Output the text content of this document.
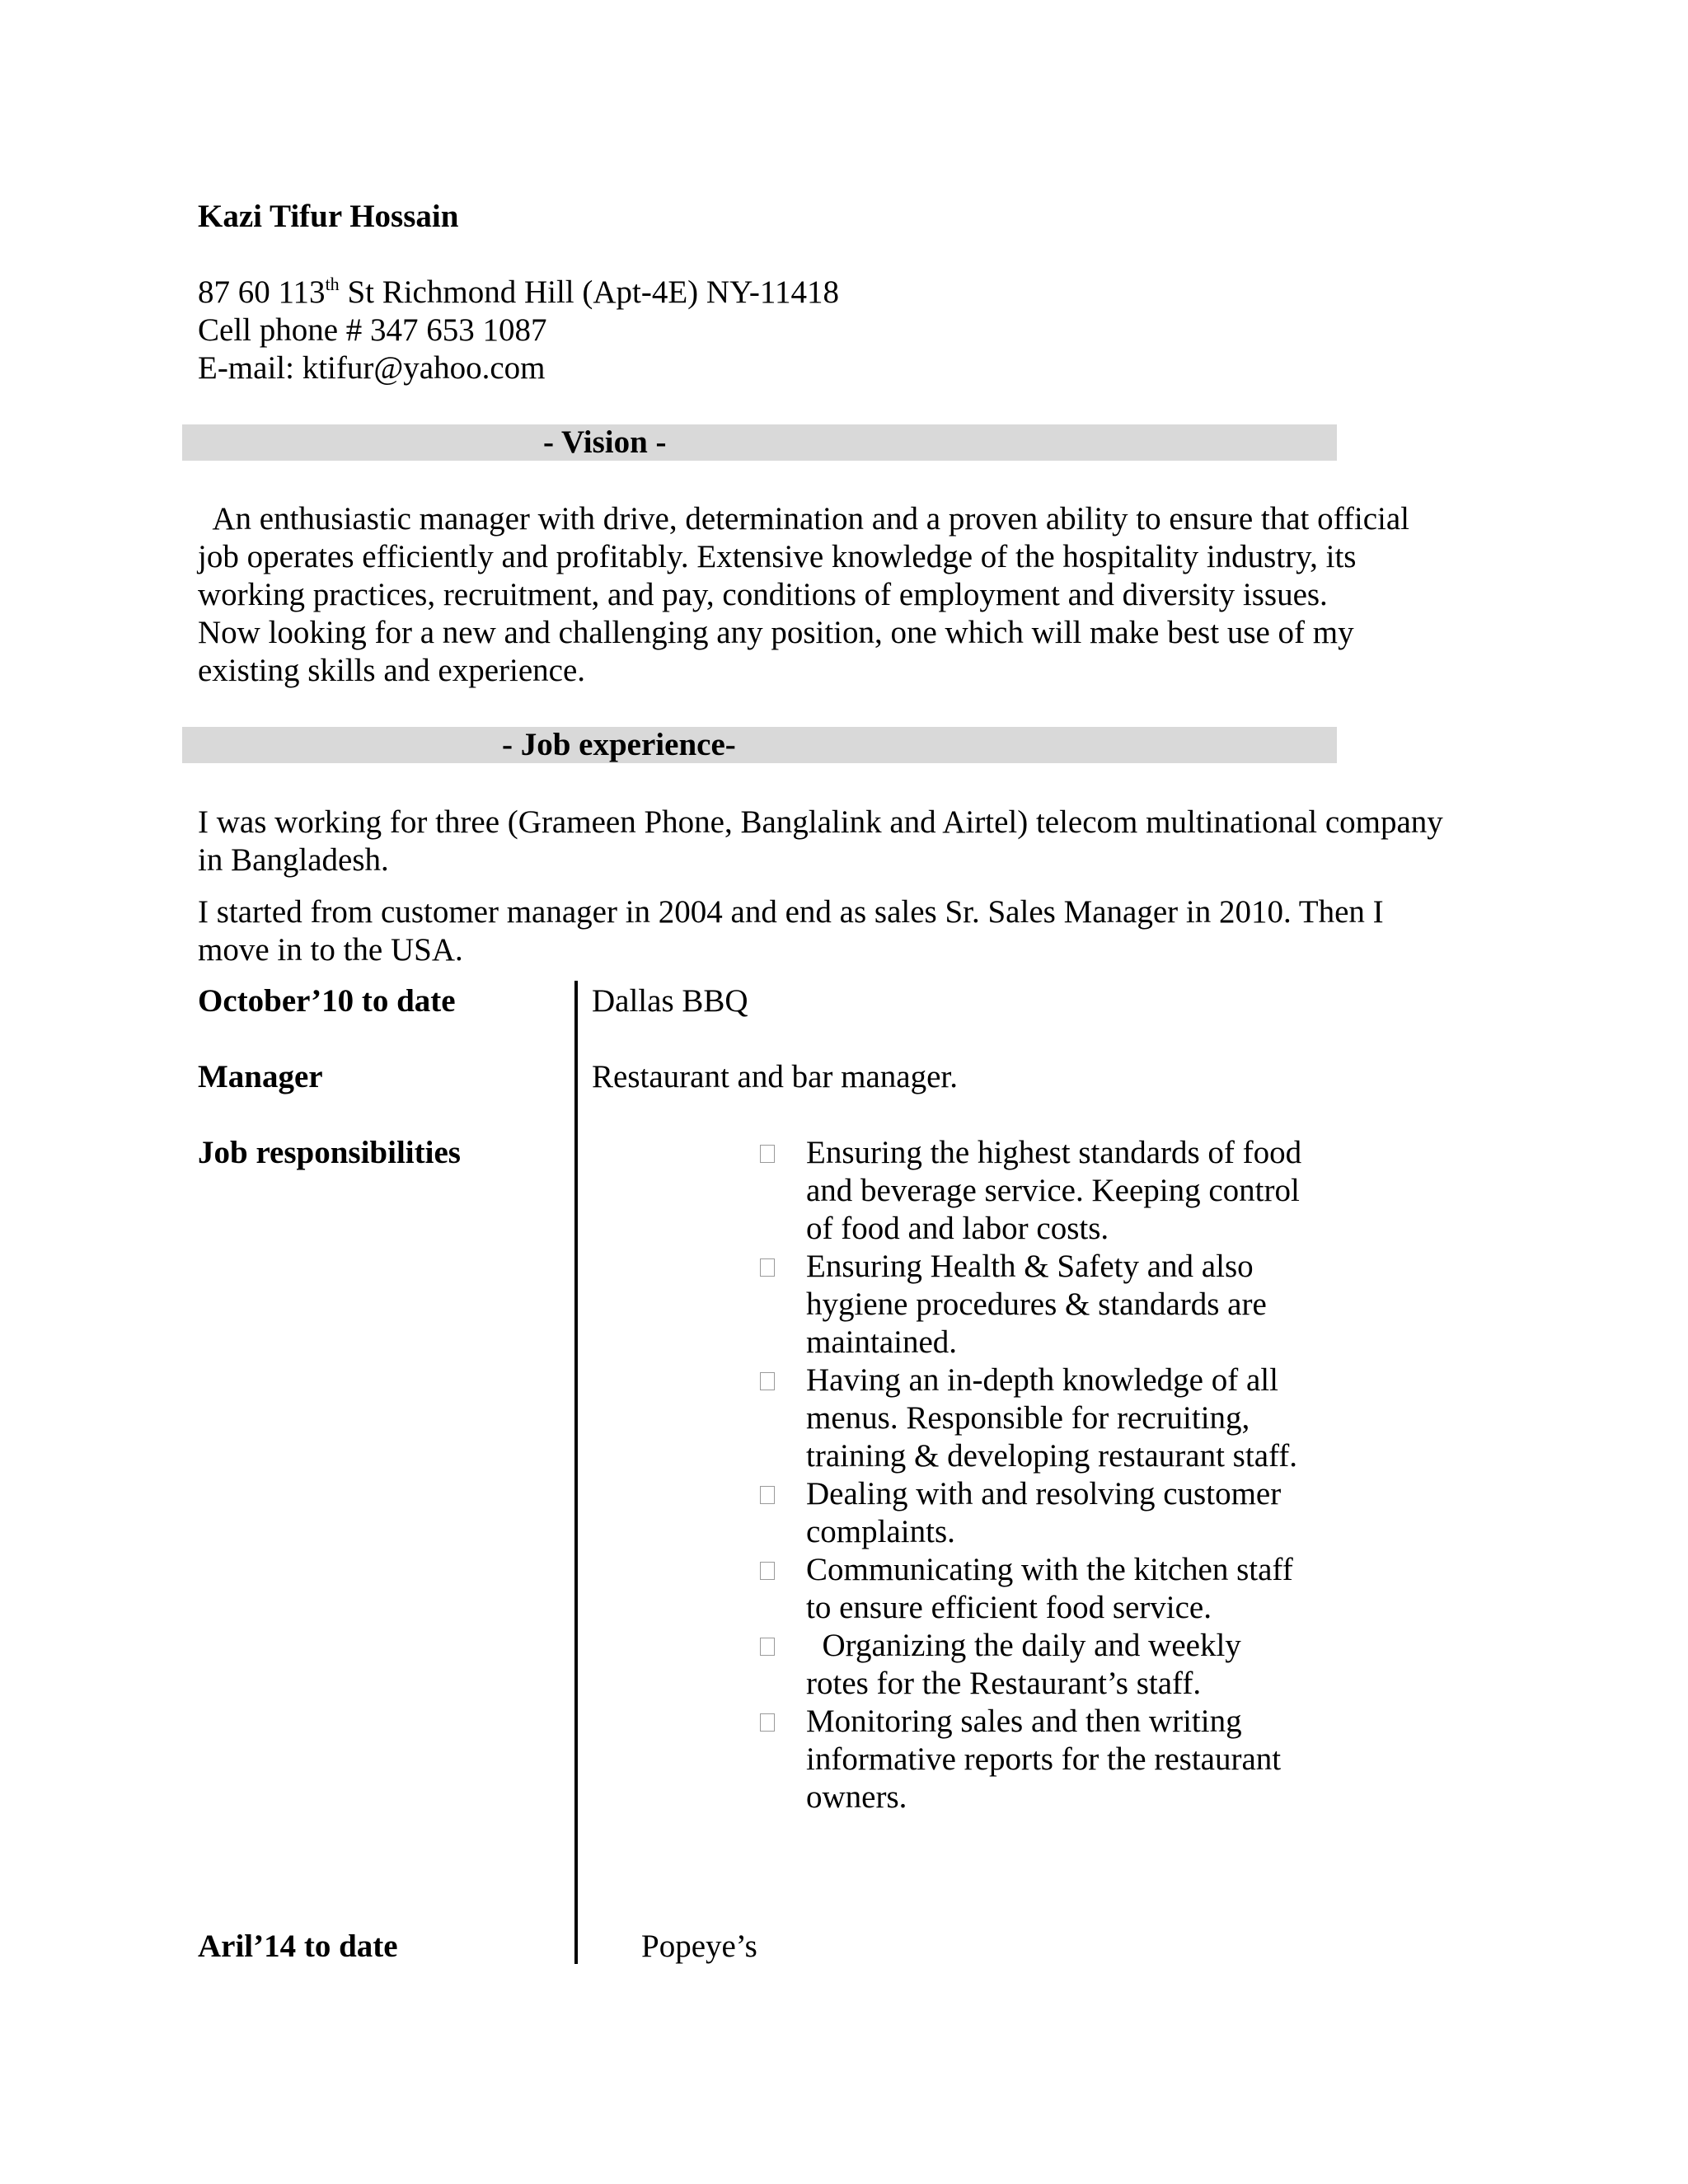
Kazi Tifur Hossain
87 60 113th St Richmond Hill (Apt-4E) NY-11418
Cell phone # 347 653 1087
E-mail: ktifur@yahoo.com
- Vision -
An enthusiastic manager with drive, determination and a proven ability to ensure that official
job operates efficiently and profitably. Extensive knowledge of the hospitality industry, its
working practices, recruitment, and pay, conditions of employment and diversity issues.
Now looking for a new and challenging any position, one which will make best use of my
existing skills and experience.
- Job experience-
I was working for three (Grameen Phone, Banglalink and Airtel) telecom multinational company
in Bangladesh.
I started from customer manager in 2004 and end as sales Sr. Sales Manager in 2010. Then I
move in to the USA.
October’10 to date	Dallas BBQ
Manager	Restaurant and bar manager.
Job responsibilities	Ensuring the highest standards of food
and beverage service. Keeping control
of food and labor costs.
Ensuring Health & Safety and also
hygiene procedures & standards are
maintained.
Having an in-depth knowledge of all
menus. Responsible for recruiting,
training & developing restaurant staff.
Dealing with and resolving customer
complaints.
Communicating with the kitchen staff
to ensure efficient food service.
Organizing the daily and weekly
rotes for the Restaurant’s staff.
Monitoring sales and then writing
informative reports for the restaurant
owners.
Aril’14 to date	Popeye’s
